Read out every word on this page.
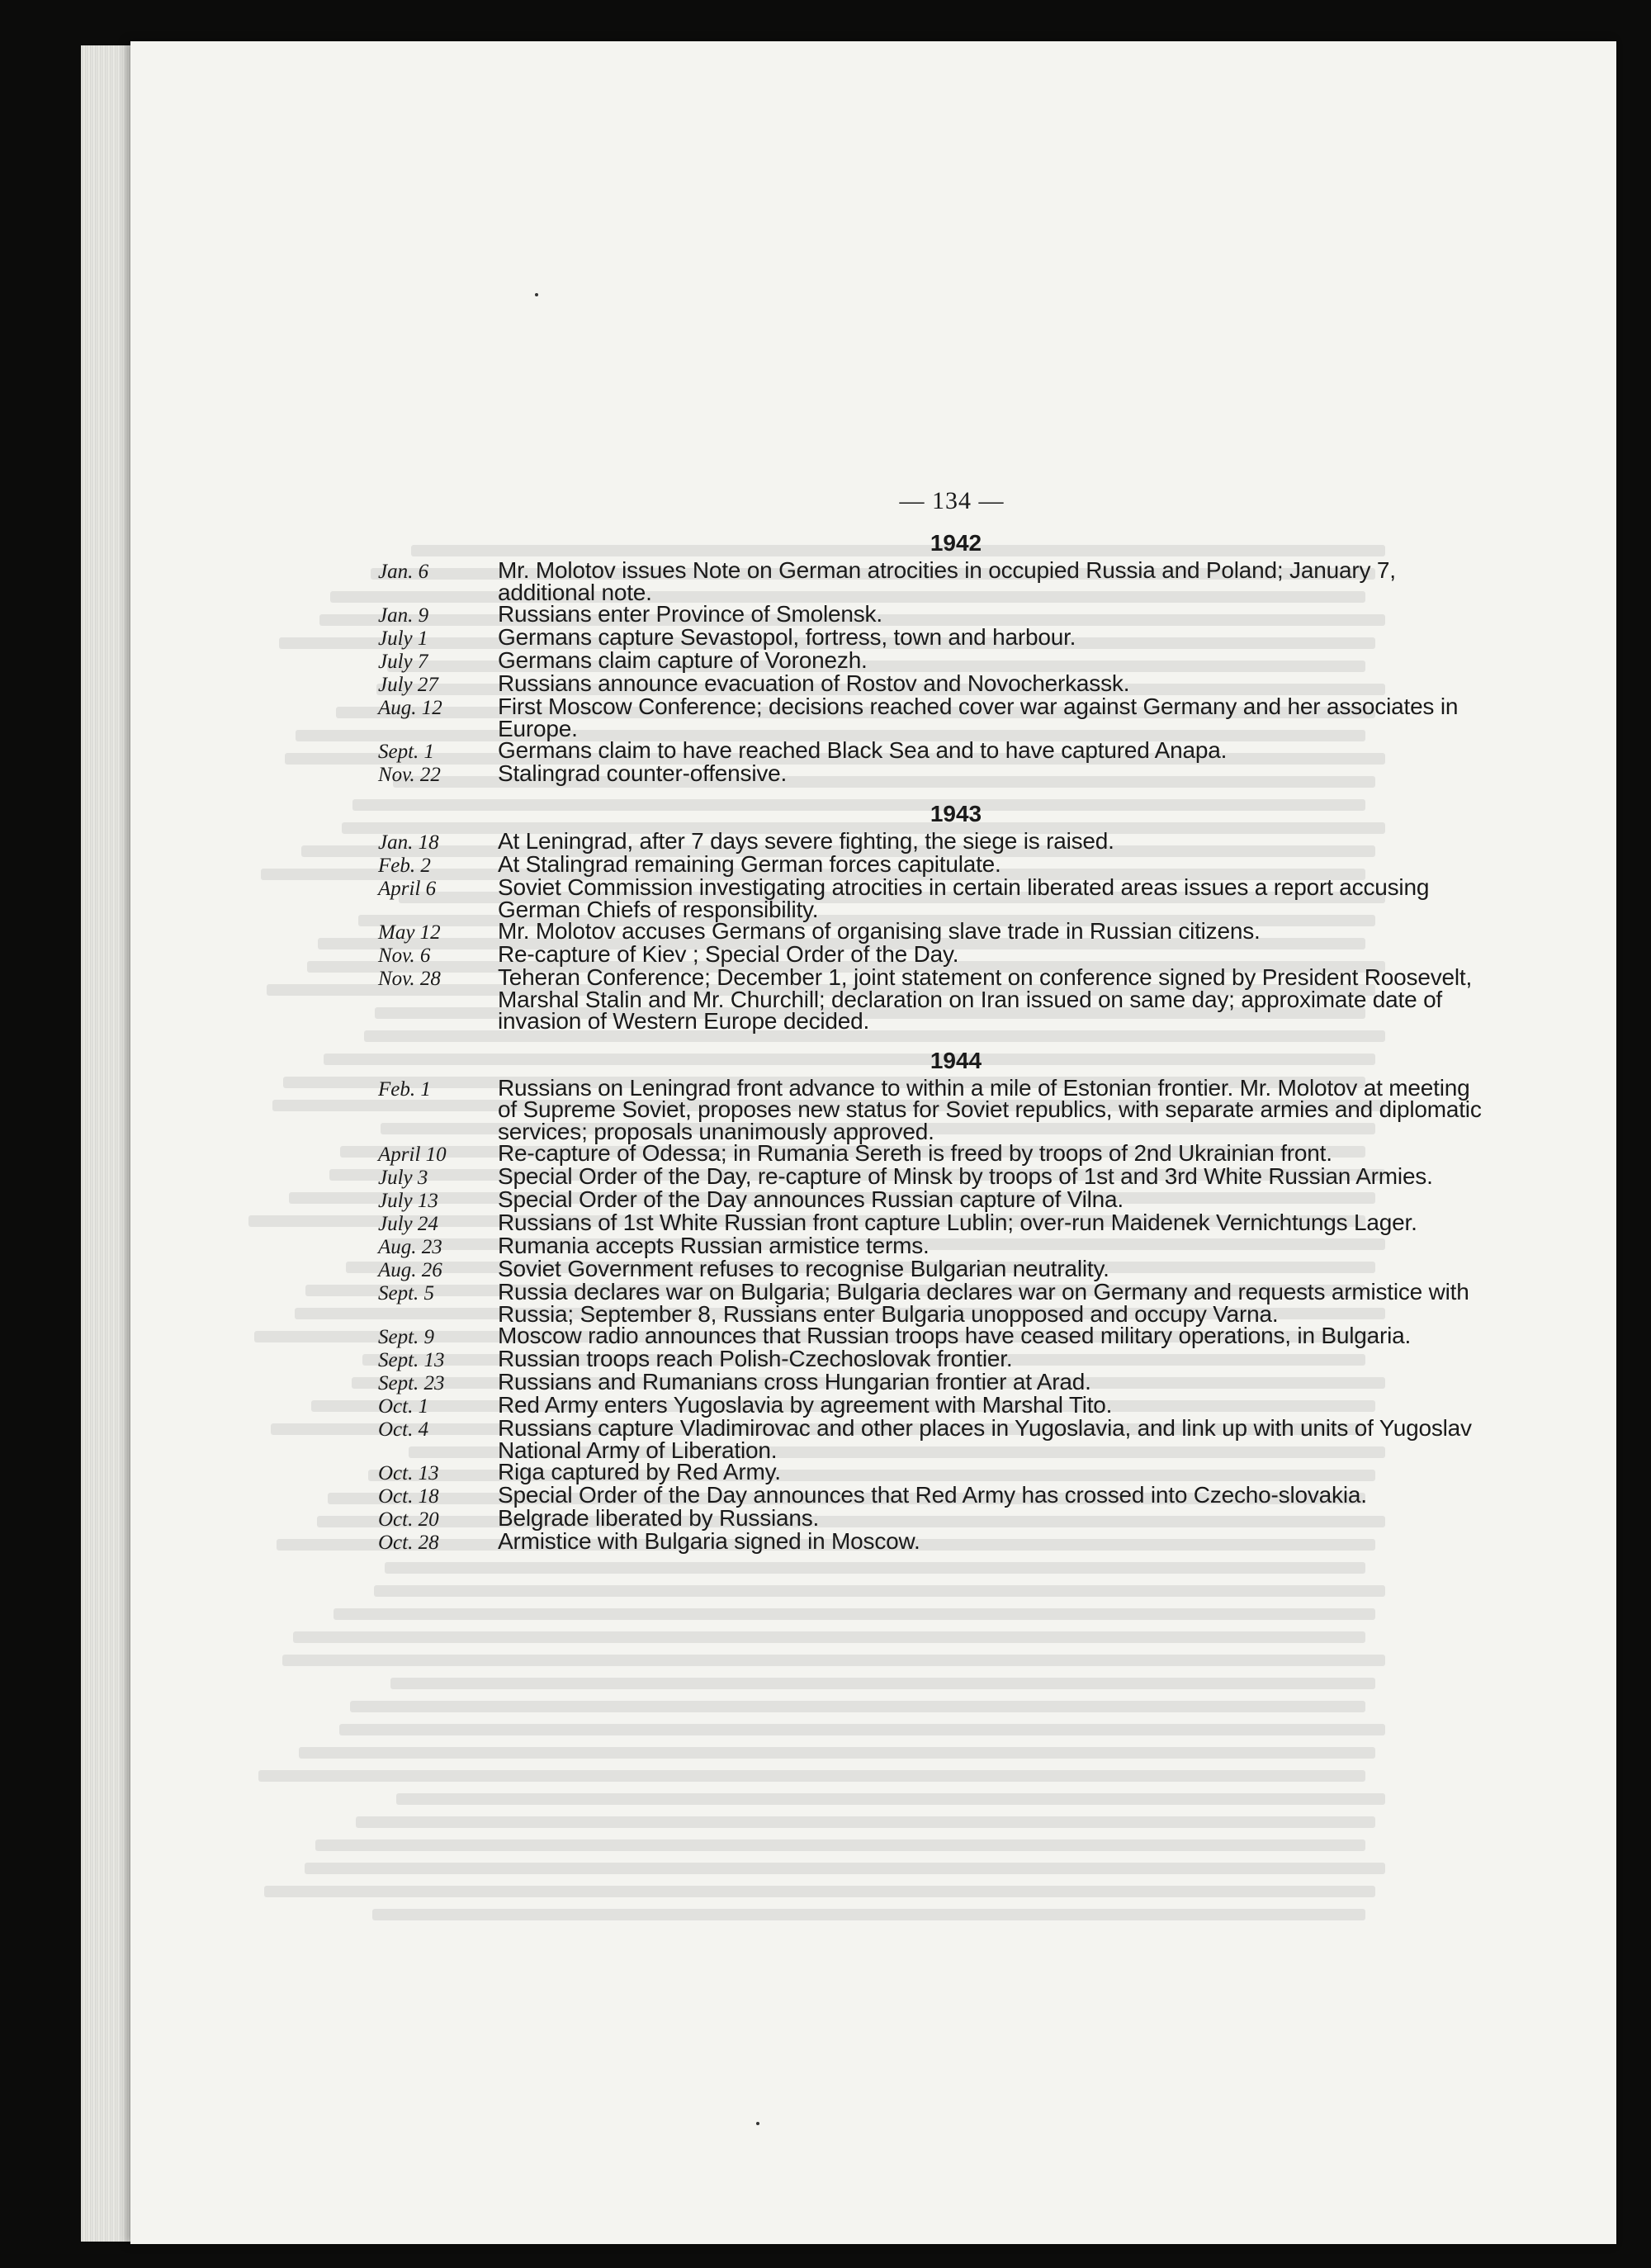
— 134 —
1942
Jan. 6	Mr. Molotov issues Note on German atrocities in occupied Russia and Poland; January 7, additional note.
Jan. 9	Russians enter Province of Smolensk.
July 1	Germans capture Sevastopol, fortress, town and harbour.
July 7	Germans claim capture of Voronezh.
July 27	Russians announce evacuation of Rostov and Novocherkassk.
Aug. 12	First Moscow Conference; decisions reached cover war against Germany and her associates in Europe.
Sept. 1	Germans claim to have reached Black Sea and to have captured Anapa.
Nov. 22	Stalingrad counter-offensive.
1943
Jan. 18	At Leningrad, after 7 days severe fighting, the siege is raised.
Feb. 2	At Stalingrad remaining German forces capitulate.
April 6	Soviet Commission investigating atrocities in certain liberated areas issues a report accusing German Chiefs of responsibility.
May 12	Mr. Molotov accuses Germans of organising slave trade in Russian citizens.
Nov. 6	Re-capture of Kiev ; Special Order of the Day.
Nov. 28	Teheran Conference; December 1, joint statement on conference signed by President Roosevelt, Marshal Stalin and Mr. Churchill; declaration on Iran issued on same day; approximate date of invasion of Western Europe decided.
1944
Feb. 1	Russians on Leningrad front advance to within a mile of Estonian frontier. Mr. Molotov at meeting of Supreme Soviet, proposes new status for Soviet republics, with separate armies and diplomatic services; proposals unanimously approved.
April 10	Re-capture of Odessa; in Rumania Sereth is freed by troops of 2nd Ukrainian front.
July 3	Special Order of the Day, re-capture of Minsk by troops of 1st and 3rd White Russian Armies.
July 13	Special Order of the Day announces Russian capture of Vilna.
July 24	Russians of 1st White Russian front capture Lublin; over-run Maidenek Vernichtungs Lager.
Aug. 23	Rumania accepts Russian armistice terms.
Aug. 26	Soviet Government refuses to recognise Bulgarian neutrality.
Sept. 5	Russia declares war on Bulgaria; Bulgaria declares war on Germany and requests armistice with Russia; September 8, Russians enter Bulgaria unopposed and occupy Varna.
Sept. 9	Moscow radio announces that Russian troops have ceased military operations, in Bulgaria.
Sept. 13	Russian troops reach Polish-Czechoslovak frontier.
Sept. 23	Russians and Rumanians cross Hungarian frontier at Arad.
Oct. 1	Red Army enters Yugoslavia by agreement with Marshal Tito.
Oct. 4	Russians capture Vladimirovac and other places in Yugoslavia, and link up with units of Yugoslav National Army of Liberation.
Oct. 13	Riga captured by Red Army.
Oct. 18	Special Order of the Day announces that Red Army has crossed into Czecho-slovakia.
Oct. 20	Belgrade liberated by Russians.
Oct. 28	Armistice with Bulgaria signed in Moscow.
